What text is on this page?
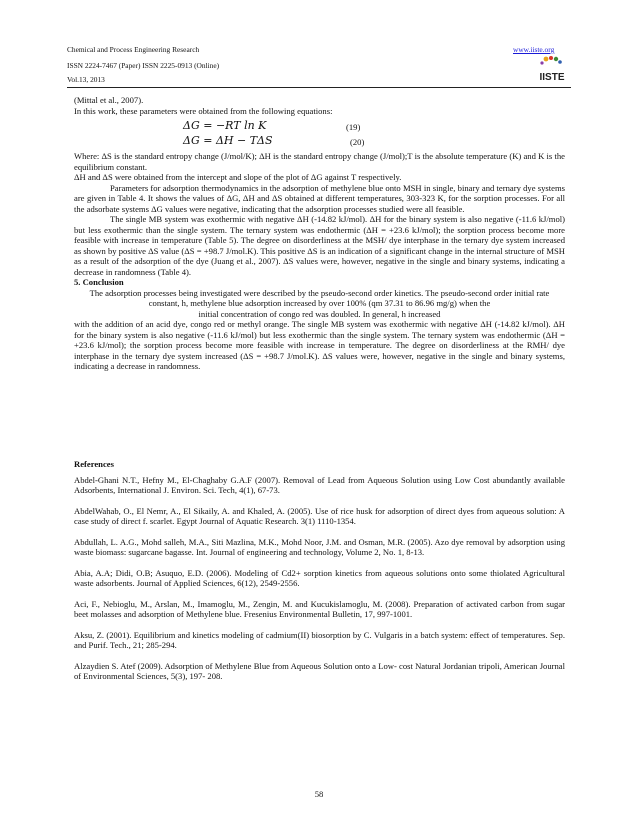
Chemical and Process Engineering Research	www.iiste.org
ISSN 2224-7467 (Paper) ISSN 2225-0913 (Online)
Vol.13, 2013	IISTE

(Mittal et al., 2007).

In this work, these parameters were obtained from the following equations:

ΔG = −RT ln K	(19)
ΔG = ΔH − TΔS	(20)

Where: ΔS is the standard entropy change (J/mol/K); ΔH is the standard entropy change (J/mol);T is the absolute temperature (K) and K is the equilibrium constant.

ΔH and ΔS were obtained from the intercept and slope of the plot of ΔG against T respectively.

Parameters for adsorption thermodynamics in the adsorption of methylene blue onto MSH in single, binary and ternary dye systems are given in Table 4. It shows the values of ΔG, ΔH and ΔS obtained at different temperatures, 303-323 K, for the sorption processes. For all the adsorbate systems ΔG values were negative, indicating that the adsorption processes studied were all feasible.

The single MB system was exothermic with negative ΔH (-14.82 kJ/mol). ΔH for the binary system is also negative (-11.6 kJ/mol) but less exothermic than the single system. The ternary system was endothermic (ΔH = +23.6 kJ/mol); the sorption process become more feasible with increase in temperature (Table 5). The degree on disorderliness at the MSH/ dye interphase in the ternary dye system increased as shown by positive ΔS value (ΔS = +98.7 J/mol.K). This positive ΔS is an indication of a significant change in the internal structure of MSH as a result of the adsorption of the dye (Juang et al., 2007). ΔS values were, however, negative in the single and binary systems, indicating a decrease in randomness (Table 4).

5. Conclusion

The adsorption processes being investigated were described by the pseudo-second order kinetics. The pseudo-second order initial rate constant, h, methylene blue adsorption increased by over 100% (qm 37.31 to 86.96 mg/g) when the

initial concentration of congo red was doubled. In general, h increased

with the addition of an acid dye, congo red or methyl orange. The single MB system was exothermic with negative ΔH (-14.82 kJ/mol). ΔH for the binary system is also negative (-11.6 kJ/mol) but less exothermic than the single system. The ternary system was endothermic (ΔH = +23.6 kJ/mol); the sorption process become more feasible with increase in temperature. The degree on disorderliness at the RMH/ dye interphase in the ternary dye system increased (ΔS = +98.7 J/mol.K). ΔS values were, however, negative in the single and binary systems, indicating a decrease in randomness.

References

Abdel-Ghani N.T., Hefny M., El-Chaghaby G.A.F (2007). Removal of Lead from Aqueous Solution using Low Cost abundantly available Adsorbents, International J. Environ. Sci. Tech, 4(1), 67-73.

AbdelWahab, O., El Nemr, A., El Sikaily, A. and Khaled, A. (2005). Use of rice husk for adsorption of direct dyes from aqueous solution: A case study of direct f. scarlet. Egypt Journal of Aquatic Research. 3(1) 1110-1354.

Abdullah, L. A.G., Mohd salleh, M.A., Siti Mazlina, M.K., Mohd Noor, J.M. and Osman, M.R. (2005). Azo dye removal by adsorption using waste biomass: sugarcane bagasse. Int. Journal of engineering and technology, Volume 2, No. 1, 8-13.

Abia, A.A; Didi, O.B; Asuquo, E.D. (2006). Modeling of Cd2+ sorption kinetics from aqueous solutions onto some thiolated Agricultural waste adsorbents. Journal of Applied Sciences, 6(12), 2549-2556.

Aci, F., Nebioglu, M., Arslan, M., Imamoglu, M., Zengin, M. and Kucukislamoglu, M. (2008). Preparation of activated carbon from sugar beet molasses and adsorption of Methylene blue. Fresenius Environmental Bulletin, 17, 997-1001.

Aksu, Z. (2001). Equilibrium and kinetics modeling of cadmium(II) biosorption by C. Vulgaris in a batch system: effect of temperatures. Sep. and Purif. Tech., 21; 285-294.

Alzaydien S. Atef (2009). Adsorption of Methylene Blue from Aqueous Solution onto a Low- cost Natural Jordanian tripoli, American Journal of Environmental Sciences, 5(3), 197- 208.

58
